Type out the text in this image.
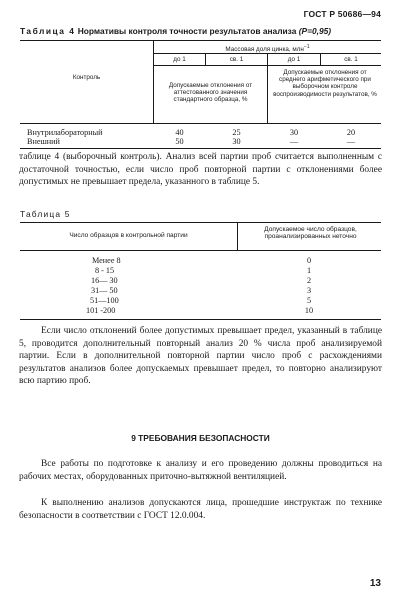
ГОСТ Р 50686—94
Таблица 4 Нормативы контроля точности результатов анализа (P=0,95)
Контроль
Массовая доля цинка, млн$^{-1}$
до 1	св. 1	до 1	св. 1
Допускаемые отклонения от аттестованного значения стандартного образца, %
Допускаемые отклонения от среднего арифметического при выборочном контроле воспроизводимости результатов, %
Внутрилабораторный	40	25	30	20
Внешний	50	30	—	—

таблице 4 (выборочный контроль). Анализ всей партии проб считается выполненным с достаточной точностью, если число проб повторной партии с отклонениями более допустимых не превышает предела, указанного в таблице 5.

Таблица 5
Число образцов в контрольной партии
Допускаемое число образцов, проанализированных неточно
Менее 8	0
8 - 15	1
16— 30	2
31— 50	3
51—100	5
101 -200	10

Если число отклонений более допустимых превышает предел, указанный в таблице 5, проводится дополнительный повторный анализ 20 % числа проб анализируемой партии. Если в дополнительной повторной партии число проб с расхождениями результатов анализов более допускаемых превышает предел, то повторно анализируют всю партию проб.

9 ТРЕБОВАНИЯ БЕЗОПАСНОСТИ

Все работы по подготовке к анализу и его проведению должны проводиться на рабочих местах, оборудованных приточно-вытяжной вентиляцией.

К выполнению анализов допускаются лица, прошедшие инструктаж по технике безопасности в соответствии с ГОСТ 12.0.004.

13
